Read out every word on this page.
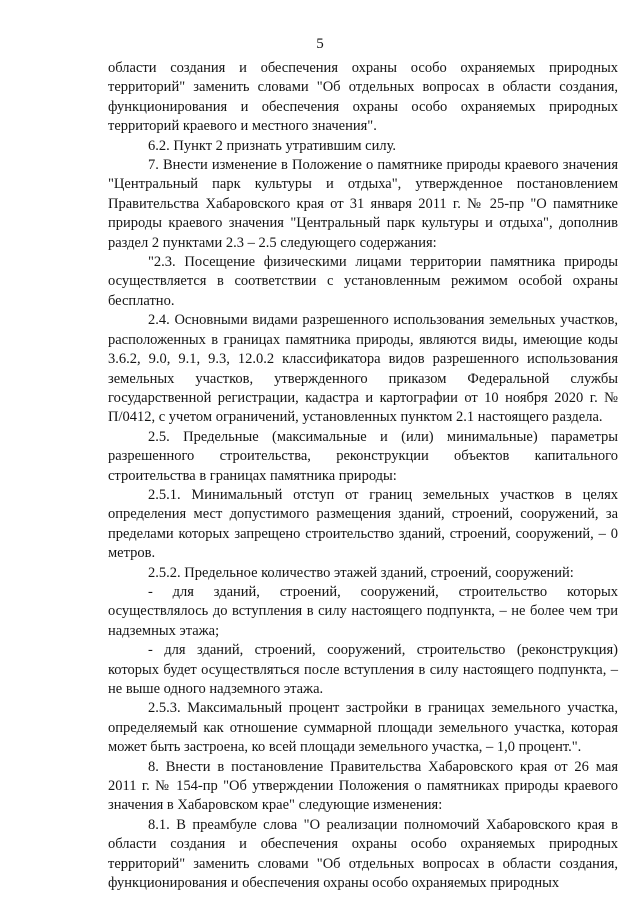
5

области создания и обеспечения охраны особо охраняемых природных территорий" заменить словами "Об отдельных вопросах в области создания, функционирования и обеспечения охраны особо охраняемых природных территорий краевого и местного значения".

6.2. Пункт 2 признать утратившим силу.

7. Внести изменение в Положение о памятнике природы краевого значения "Центральный парк культуры и отдыха", утвержденное постановлением Правительства Хабаровского края от 31 января 2011 г. № 25-пр "О памятнике природы краевого значения "Центральный парк культуры и отдыха", дополнив раздел 2 пунктами 2.3 – 2.5 следующего содержания:

"2.3. Посещение физическими лицами территории памятника природы осуществляется в соответствии с установленным режимом особой охраны бесплатно.

2.4. Основными видами разрешенного использования земельных участков, расположенных в границах памятника природы, являются виды, имеющие коды 3.6.2, 9.0, 9.1, 9.3, 12.0.2 классификатора видов разрешенного использования земельных участков, утвержденного приказом Федеральной службы государственной регистрации, кадастра и картографии от 10 ноября 2020 г. № П/0412, с учетом ограничений, установленных пунктом 2.1 настоящего раздела.

2.5. Предельные (максимальные и (или) минимальные) параметры разрешенного строительства, реконструкции объектов капитального строительства в границах памятника природы:

2.5.1. Минимальный отступ от границ земельных участков в целях определения мест допустимого размещения зданий, строений, сооружений, за пределами которых запрещено строительство зданий, строений, сооружений, – 0 метров.

2.5.2. Предельное количество этажей зданий, строений, сооружений:

- для зданий, строений, сооружений, строительство которых осуществлялось до вступления в силу настоящего подпункта, – не более чем три надземных этажа;

- для зданий, строений, сооружений, строительство (реконструкция) которых будет осуществляться после вступления в силу настоящего подпункта, – не выше одного надземного этажа.

2.5.3. Максимальный процент застройки в границах земельного участка, определяемый как отношение суммарной площади земельного участка, которая может быть застроена, ко всей площади земельного участка, – 1,0 процент.".

8. Внести в постановление Правительства Хабаровского края от 26 мая 2011 г. № 154-пр "Об утверждении Положения о памятниках природы краевого значения в Хабаровском крае" следующие изменения:

8.1. В преамбуле слова "О реализации полномочий Хабаровского края в области создания и обеспечения охраны особо охраняемых природных территорий" заменить словами "Об отдельных вопросах в области создания, функционирования и обеспечения охраны особо охраняемых природных
